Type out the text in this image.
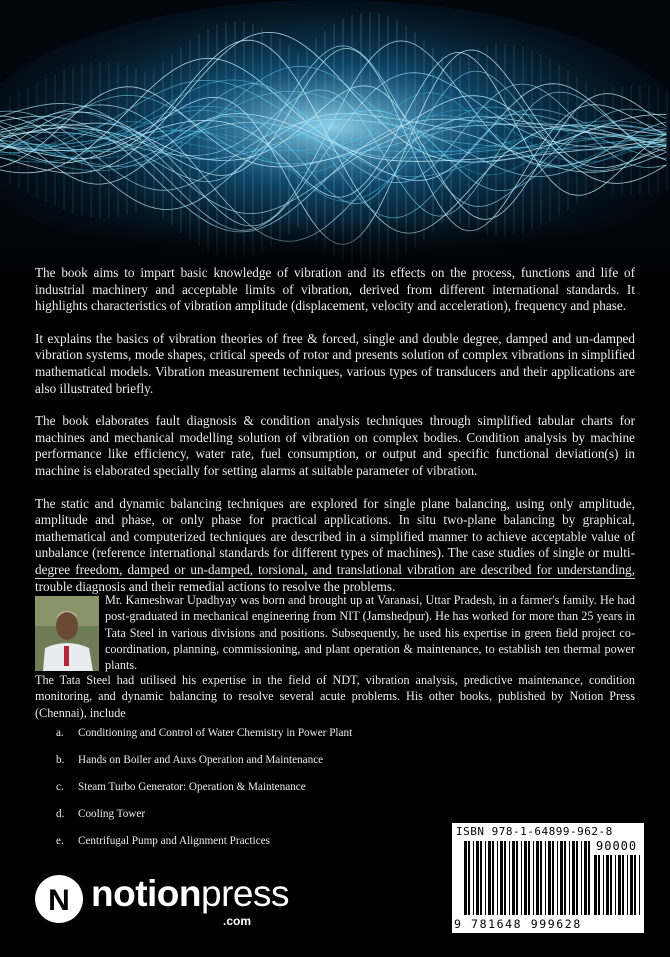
The book aims to impart basic knowledge of vibration and its effects on the process, functions and life of industrial machinery and acceptable limits of vibration, derived from different international standards. It highlights characteristics of vibration amplitude (displacement, velocity and acceleration), frequency and phase.

It explains the basics of vibration theories of free & forced, single and double degree, damped and un-damped vibration systems, mode shapes, critical speeds of rotor and presents solution of complex vibrations in simplified mathematical models. Vibration measurement techniques, various types of transducers and their applications are also illustrated briefly.

The book elaborates fault diagnosis & condition analysis techniques through simplified tabular charts for machines and mechanical modelling solution of vibration on complex bodies. Condition analysis by machine performance like efficiency, water rate, fuel consumption, or output and specific functional deviation(s) in machine is elaborated specially for setting alarms at suitable parameter of vibration.

The static and dynamic balancing techniques are explored for single plane balancing, using only amplitude, amplitude and phase, or only phase for practical applications. In situ two-plane balancing by graphical, mathematical and computerized techniques are described in a simplified manner to achieve acceptable value of unbalance (reference international standards for different types of machines). The case studies of single or multi-degree freedom, damped or un-damped, torsional, and translational vibration are described for understanding, trouble diagnosis and their remedial actions to resolve the problems.

Mr. Kameshwar Upadhyay was born and brought up at Varanasi, Uttar Pradesh, in a farmer's family. He had post-graduated in mechanical engineering from NIT (Jamshedpur). He has worked for more than 25 years in Tata Steel in various divisions and positions. Subsequently, he used his expertise in green field project co-coordination, planning, commissioning, and plant operation & maintenance, to establish ten thermal power plants.
The Tata Steel had utilised his expertise in the field of NDT, vibration analysis, predictive maintenance, condition monitoring, and dynamic balancing to resolve several acute problems. His other books, published by Notion Press (Chennai), include
a.	Conditioning and Control of Water Chemistry in Power Plant
b.	Hands on Boiler and Auxs Operation and Maintenance
c.	Steam Turbo Generator: Operation & Maintenance
d.	Cooling Tower
e.	Centrifugal Pump and Alignment Practices
N notionpress
.com
ISBN 978-1-64899-962-8
90000
9 781648 999628
